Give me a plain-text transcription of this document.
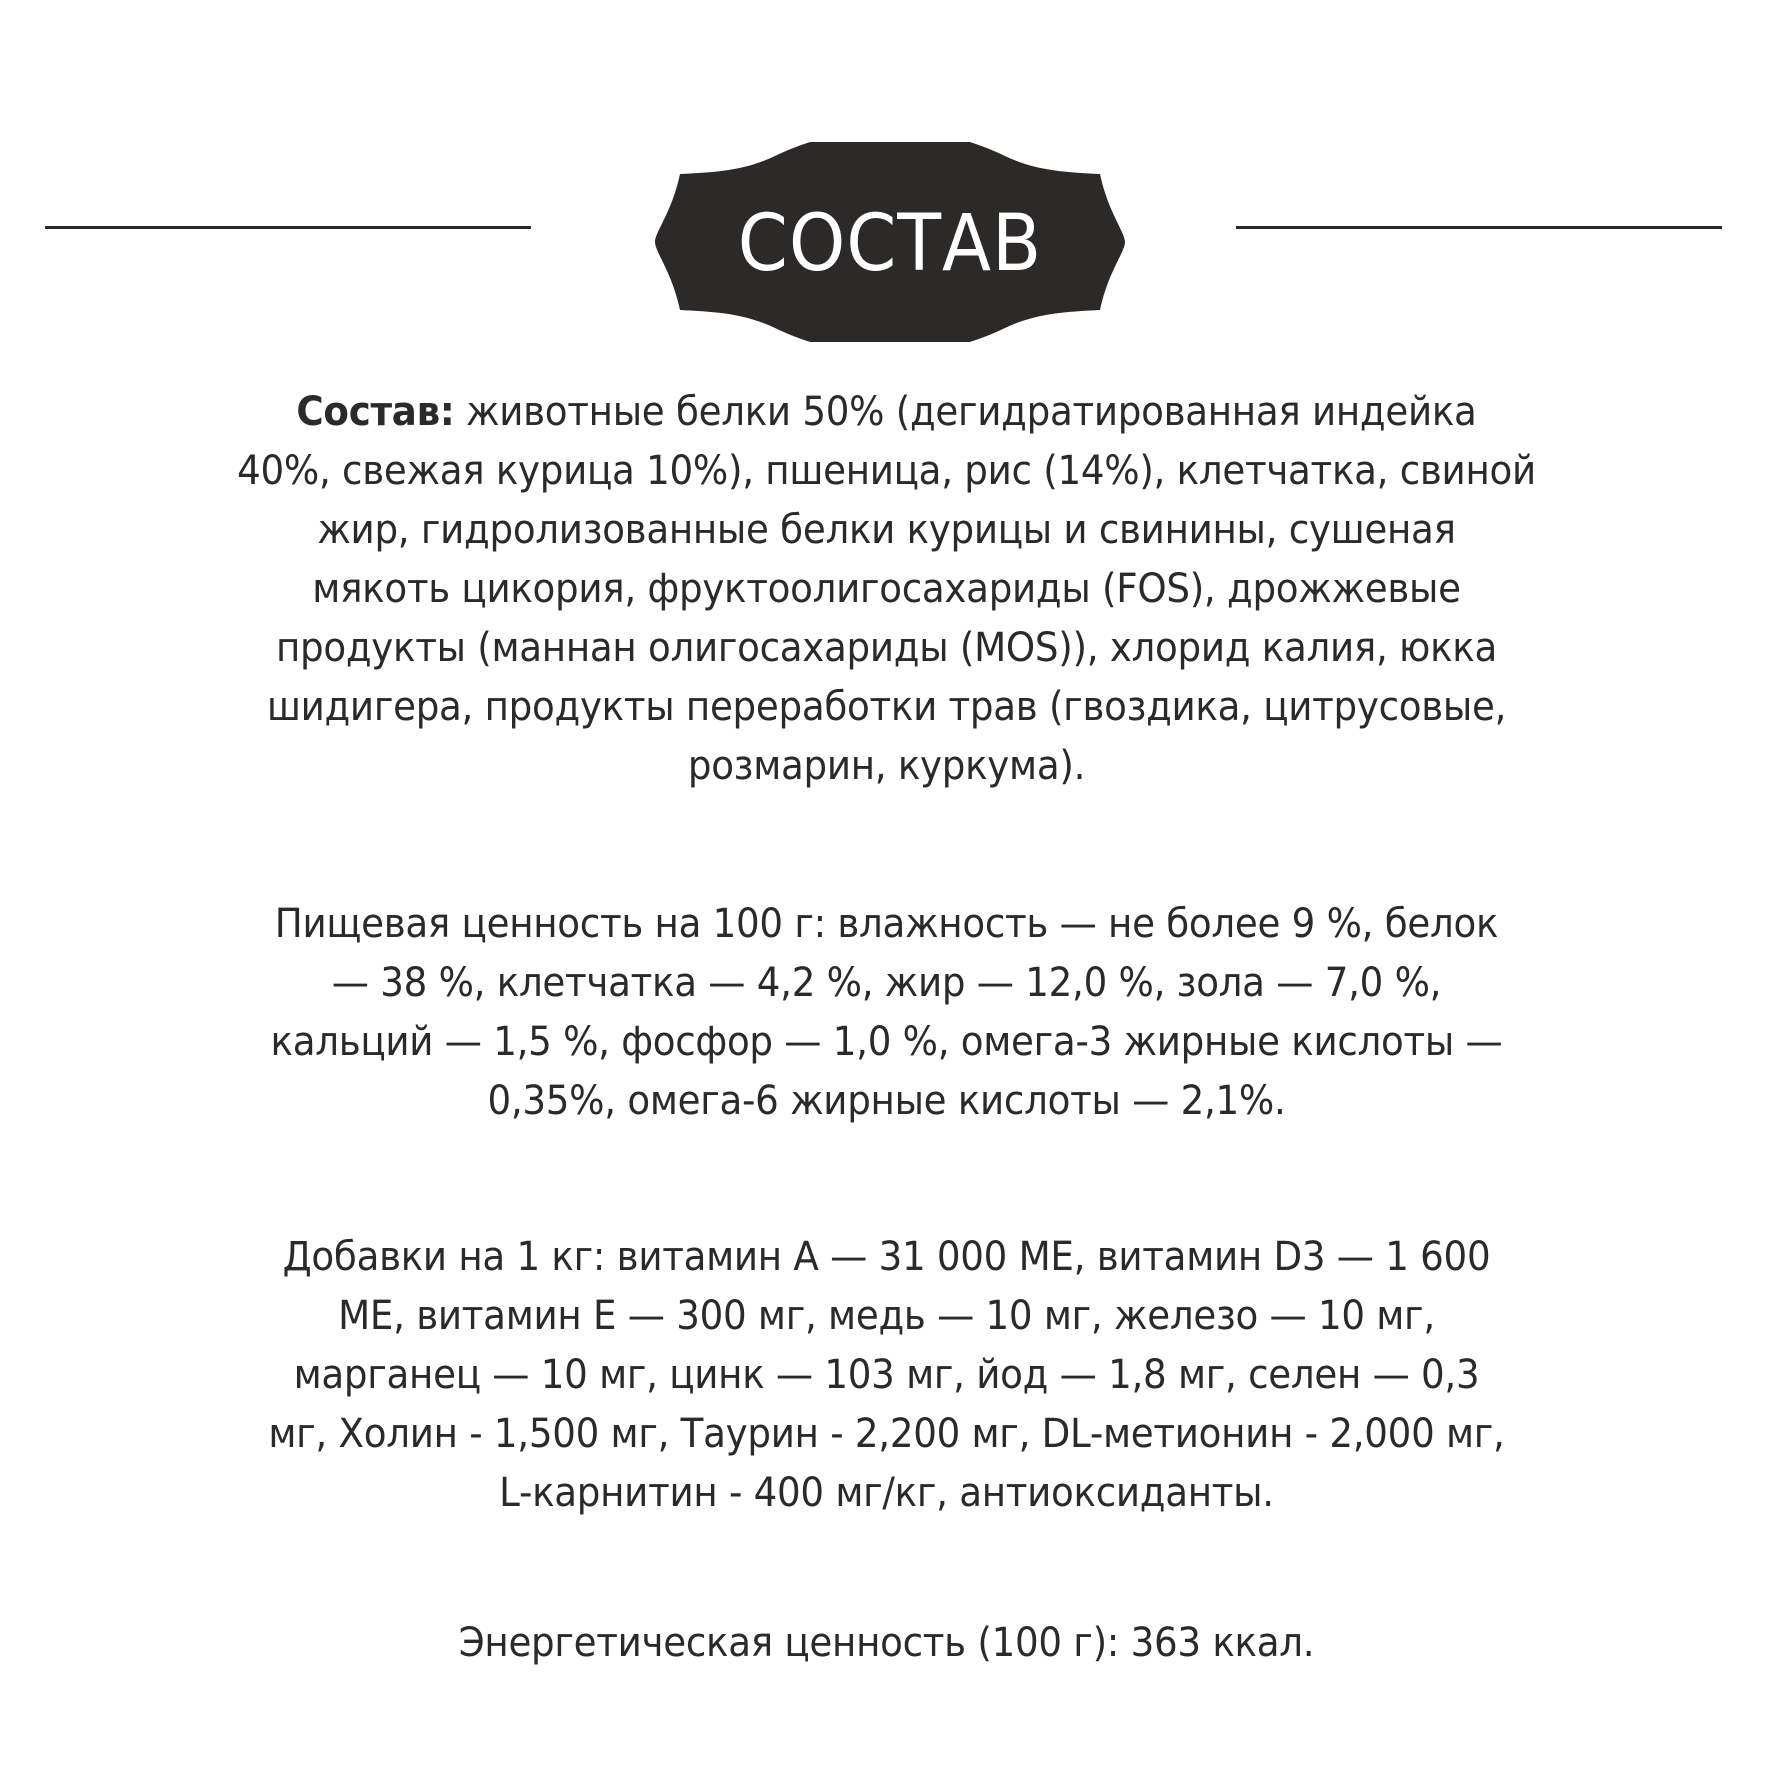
СОСТАВ
Состав: животные белки 50% (дегидратированная индейка
40%, свежая курица 10%), пшеница, рис (14%), клетчатка, свиной
жир, гидролизованные белки курицы и свинины, сушеная
мякоть цикория, фруктоолигосахариды (FOS), дрожжевые
продукты (маннан олигосахариды (MOS)), хлорид калия, юкка
шидигера, продукты переработки трав (гвоздика, цитрусовые,
розмарин, куркума).
Пищевая ценность на 100 г: влажность — не более 9 %, белок
— 38 %, клетчатка — 4,2 %, жир — 12,0 %, зола — 7,0 %,
кальций — 1,5 %, фосфор — 1,0 %, омега-3 жирные кислоты —
0,35%, омега-6 жирные кислоты — 2,1%.
Добавки на 1 кг: витамин А — 31 000 МЕ, витамин D3 — 1 600
МЕ, витамин Е — 300 мг, медь — 10 мг, железо — 10 мг,
марганец — 10 мг, цинк — 103 мг, йод — 1,8 мг, селен — 0,3
мг, Холин - 1,500 мг, Таурин - 2,200 мг, DL-метионин - 2,000 мг,
L-карнитин - 400 мг/кг, антиоксиданты.
Энергетическая ценность (100 г): 363 ккал.
